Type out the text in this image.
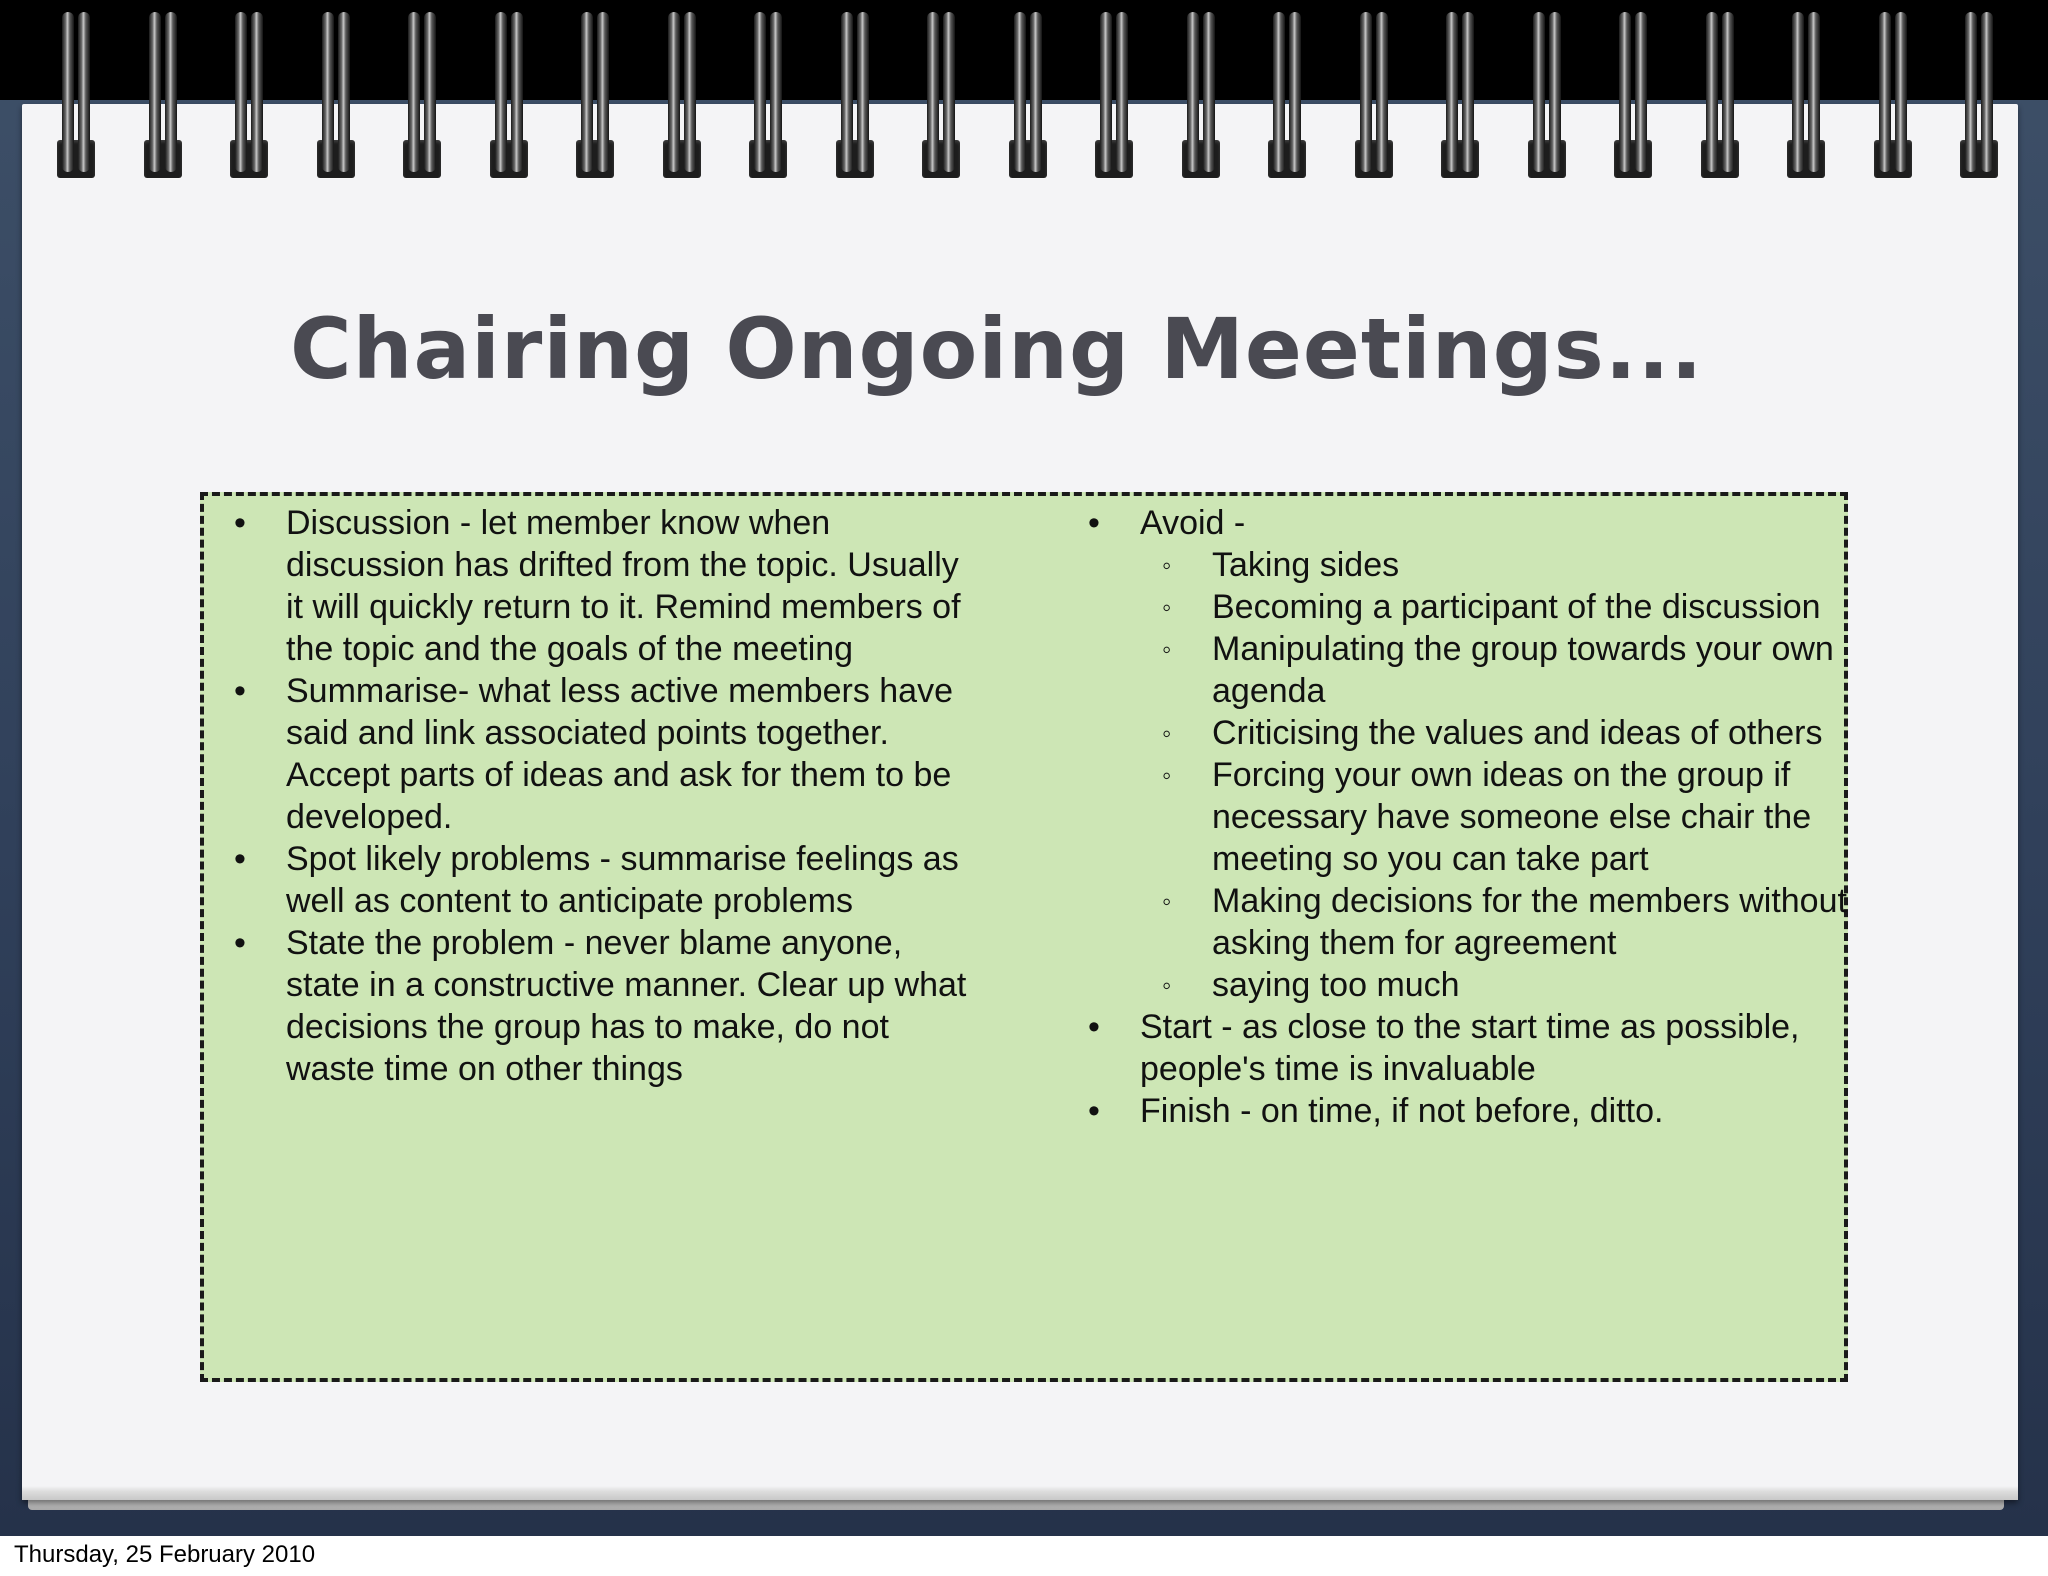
Chairing Ongoing Meetings...
• Discussion - let member know when discussion has drifted from the topic. Usually it will quickly return to it. Remind members of the topic and the goals of the meeting
• Summarise- what less active members have said and link associated points together. Accept parts of ideas and ask for them to be developed.
• Spot likely problems - summarise feelings as well as content to anticipate problems
• State the problem - never blame anyone, state in a constructive manner. Clear up what decisions the group has to make, do not waste time on other things
• Avoid -
◦ Taking sides
◦ Becoming a participant of the discussion
◦ Manipulating the group towards your own agenda
◦ Criticising the values and ideas of others
◦ Forcing your own ideas on the group if necessary have someone else chair the meeting so you can take part
◦ Making decisions for the members without asking them for agreement
◦ saying too much
• Start - as close to the start time as possible, people's time is invaluable
• Finish - on time, if not before, ditto.
Thursday, 25 February 2010
